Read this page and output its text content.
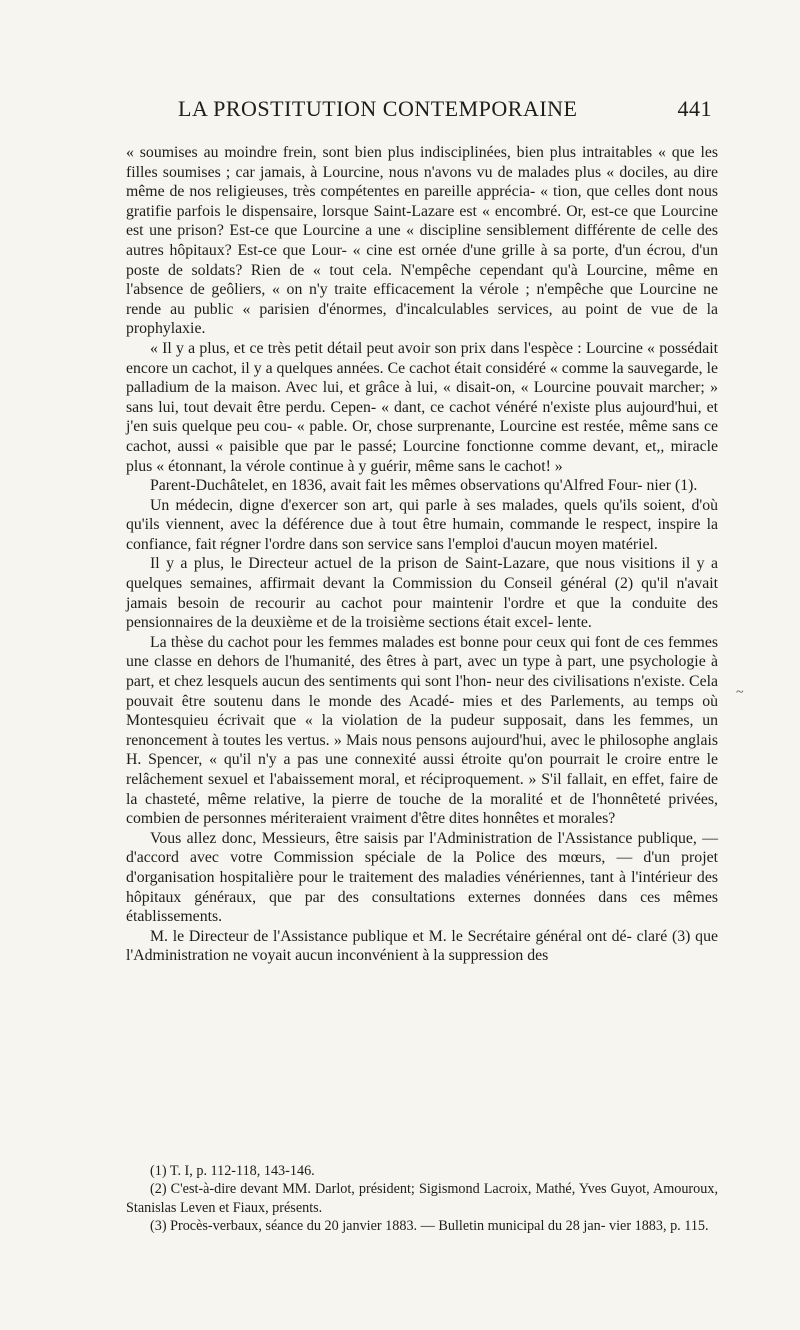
LA PROSTITUTION CONTEMPORAINE	441

« soumises au moindre frein, sont bien plus indisciplinées, bien plus intraitables « que les filles soumises ; car jamais, à Lourcine, nous n'avons vu de malades plus « dociles, au dire même de nos religieuses, très compétentes en pareille apprécia- « tion, que celles dont nous gratifie parfois le dispensaire, lorsque Saint-Lazare est « encombré. Or, est-ce que Lourcine est une prison? Est-ce que Lourcine a une « discipline sensiblement différente de celle des autres hôpitaux? Est-ce que Lour- « cine est ornée d'une grille à sa porte, d'un écrou, d'un poste de soldats? Rien de « tout cela. N'empêche cependant qu'à Lourcine, même en l'absence de geôliers, « on n'y traite efficacement la vérole ; n'empêche que Lourcine ne rende au public « parisien d'énormes, d'incalculables services, au point de vue de la prophylaxie.

« Il y a plus, et ce très petit détail peut avoir son prix dans l'espèce : Lourcine « possédait encore un cachot, il y a quelques années. Ce cachot était considéré « comme la sauvegarde, le palladium de la maison. Avec lui, et grâce à lui, « disait-on, « Lourcine pouvait marcher; » sans lui, tout devait être perdu. Cepen- « dant, ce cachot vénéré n'existe plus aujourd'hui, et j'en suis quelque peu cou- « pable. Or, chose surprenante, Lourcine est restée, même sans ce cachot, aussi « paisible que par le passé; Lourcine fonctionne comme devant, et,, miracle plus « étonnant, la vérole continue à y guérir, même sans le cachot! »

Parent-Duchâtelet, en 1836, avait fait les mêmes observations qu'Alfred Four- nier (1).

Un médecin, digne d'exercer son art, qui parle à ses malades, quels qu'ils soient, d'où qu'ils viennent, avec la déférence due à tout être humain, commande le respect, inspire la confiance, fait régner l'ordre dans son service sans l'emploi d'aucun moyen matériel.

Il y a plus, le Directeur actuel de la prison de Saint-Lazare, que nous visitions il y a quelques semaines, affirmait devant la Commission du Conseil général (2) qu'il n'avait jamais besoin de recourir au cachot pour maintenir l'ordre et que la conduite des pensionnaires de la deuxième et de la troisième sections était excel- lente.

La thèse du cachot pour les femmes malades est bonne pour ceux qui font de ces femmes une classe en dehors de l'humanité, des êtres à part, avec un type à part, une psychologie à part, et chez lesquels aucun des sentiments qui sont l'hon- neur des civilisations n'existe. Cela pouvait être soutenu dans le monde des Acadé- mies et des Parlements, au temps où Montesquieu écrivait que « la violation de la pudeur supposait, dans les femmes, un renoncement à toutes les vertus. » Mais nous pensons aujourd'hui, avec le philosophe anglais H. Spencer, « qu'il n'y a pas une connexité aussi étroite qu'on pourrait le croire entre le relâchement sexuel et l'abaissement moral, et réciproquement. » S'il fallait, en effet, faire de la chasteté, même relative, la pierre de touche de la moralité et de l'honnêteté privées, combien de personnes mériteraient vraiment d'être dites honnêtes et morales?

Vous allez donc, Messieurs, être saisis par l'Administration de l'Assistance publique, — d'accord avec votre Commission spéciale de la Police des mœurs, — d'un projet d'organisation hospitalière pour le traitement des maladies vénériennes, tant à l'intérieur des hôpitaux généraux, que par des consultations externes données dans ces mêmes établissements.

M. le Directeur de l'Assistance publique et M. le Secrétaire général ont dé- claré (3) que l'Administration ne voyait aucun inconvénient à la suppression des

~

(1) T. I, p. 112-118, 143-146.

(2) C'est-à-dire devant MM. Darlot, président; Sigismond Lacroix, Mathé, Yves Guyot, Amouroux, Stanislas Leven et Fiaux, présents.

(3) Procès-verbaux, séance du 20 janvier 1883. — Bulletin municipal du 28 jan- vier 1883, p. 115.
